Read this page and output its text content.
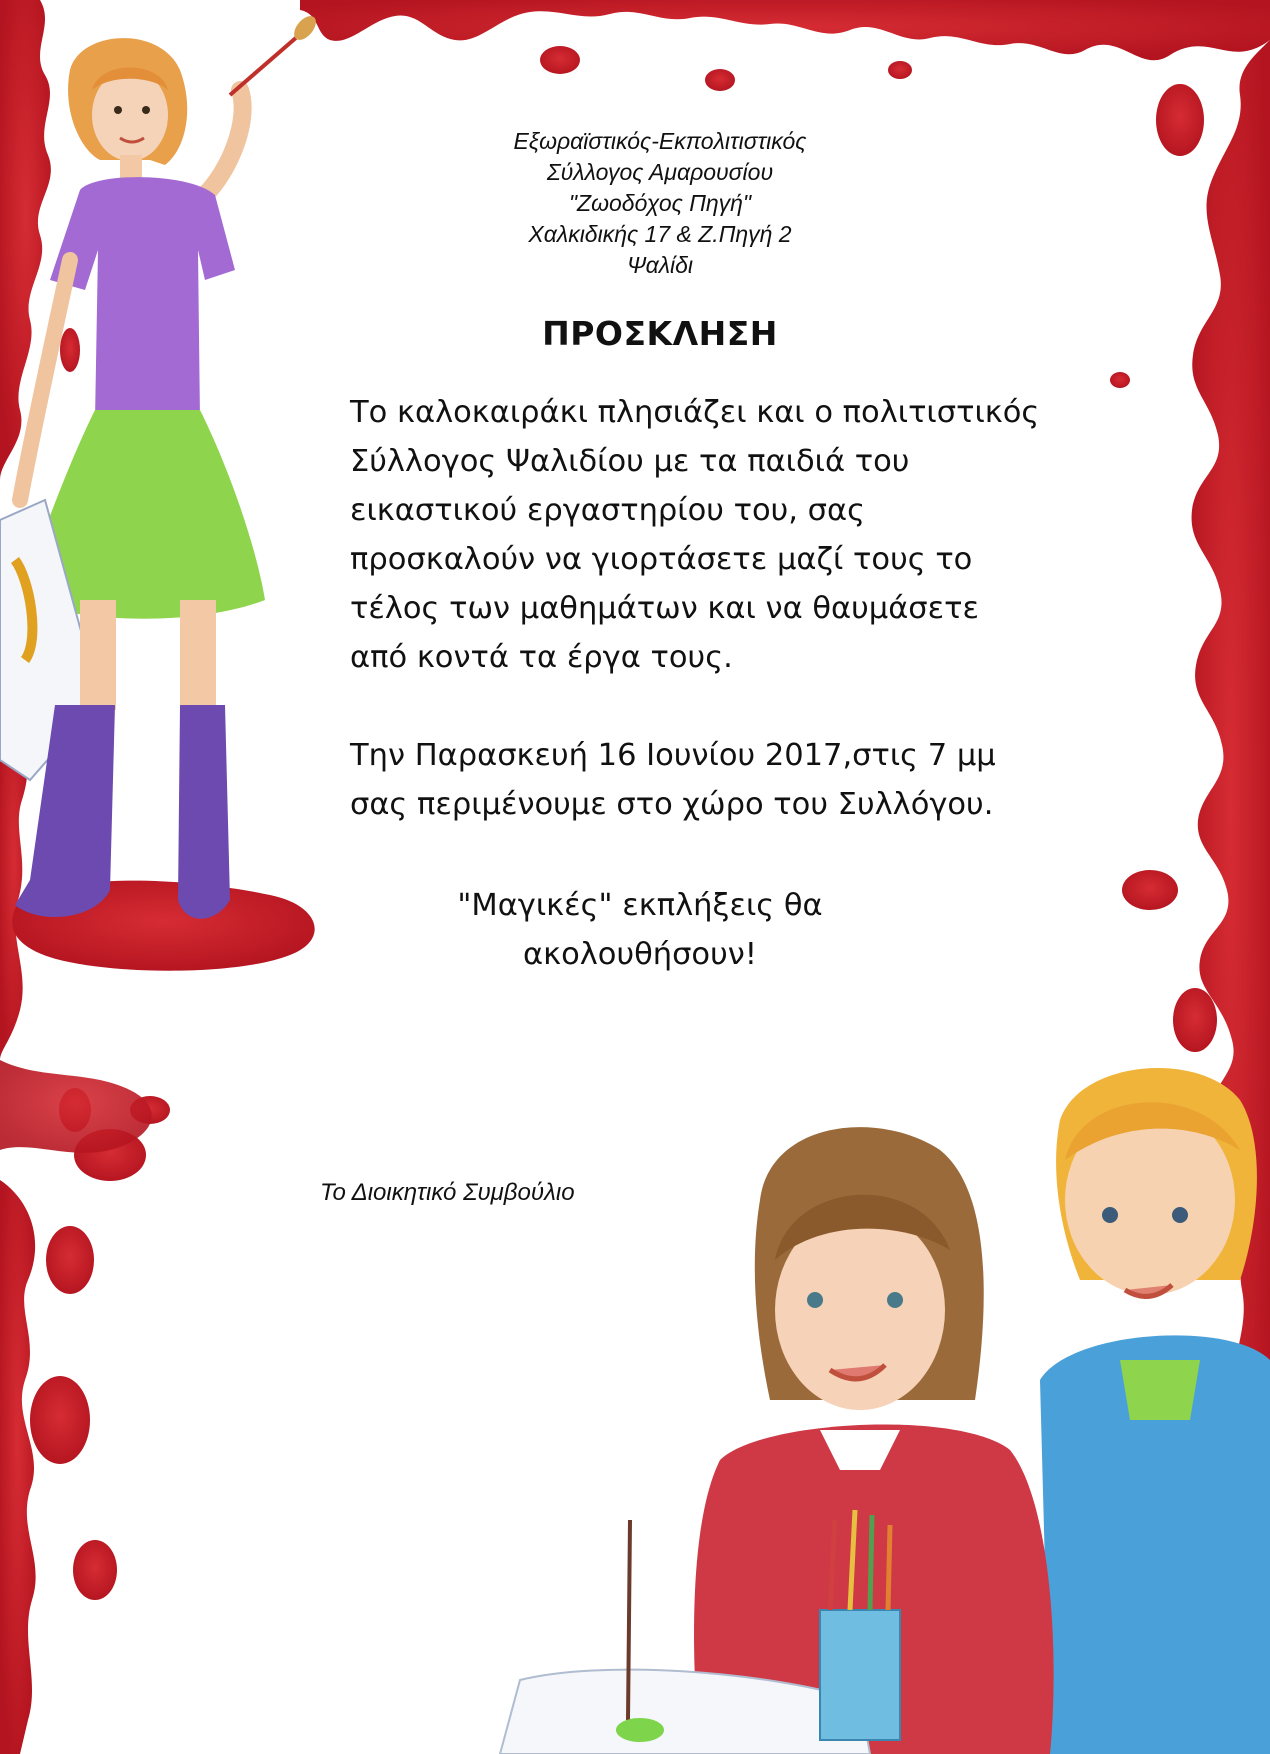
Εξωραϊστικός-Εκπολιτιστικός
Σύλλογος Αμαρουσίου
"Ζωοδόχος Πηγή"
Χαλκιδικής 17 & Ζ.Πηγή 2
Ψαλίδι
ΠΡΟΣΚΛΗΣΗ
Το καλοκαιράκι πλησιάζει και ο πολιτιστικός
Σύλλογος Ψαλιδίου με τα παιδιά του
εικαστικού εργαστηρίου του, σας
προσκαλούν να γιορτάσετε μαζί τους το
τέλος των μαθημάτων και να θαυμάσετε
από κοντά τα έργα τους.
Την Παρασκευή 16 Ιουνίου 2017,στις 7 μμ
σας περιμένουμε στο χώρο του Συλλόγου.
"Μαγικές" εκπλήξεις θα
ακολουθήσουν!
Το Διοικητικό Συμβούλιο
